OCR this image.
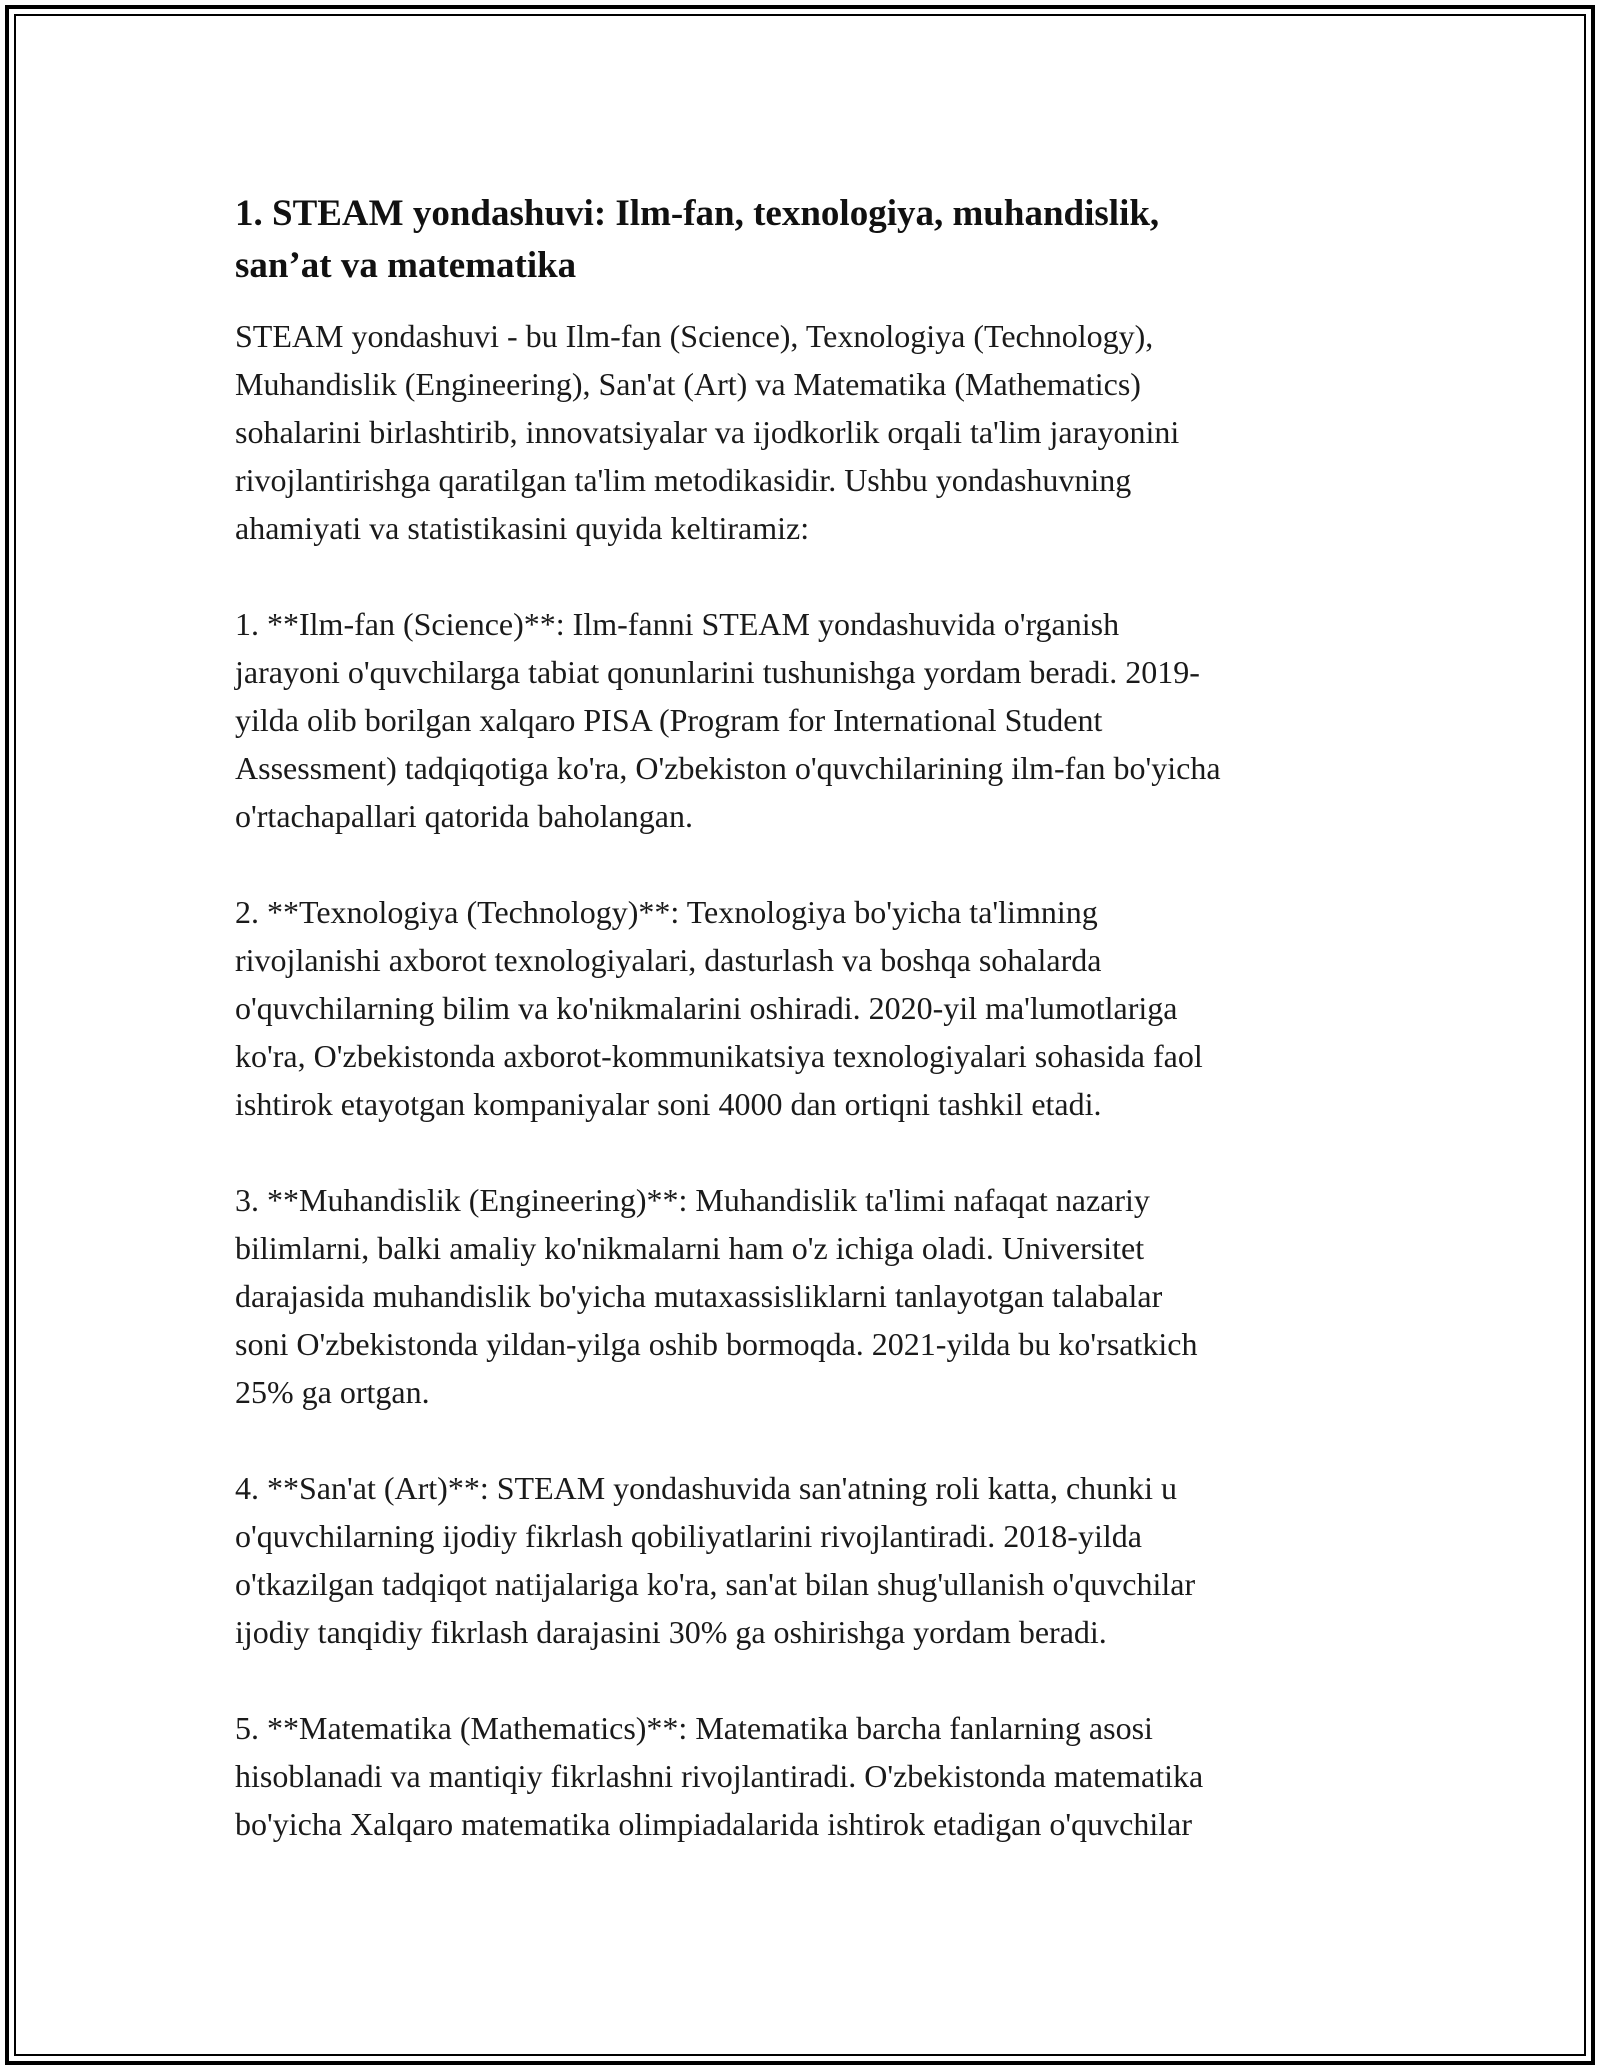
1. STEAM yondashuvi: Ilm-fan, texnologiya, muhandislik,
san’at va matematika

STEAM yondashuvi - bu Ilm-fan (Science), Texnologiya (Technology),
Muhandislik (Engineering), San'at (Art) va Matematika (Mathematics)
sohalarini birlashtirib, innovatsiyalar va ijodkorlik orqali ta'lim jarayonini
rivojlantirishga qaratilgan ta'lim metodikasidir. Ushbu yondashuvning
ahamiyati va statistikasini quyida keltiramiz:

1. **Ilm-fan (Science)**: Ilm-fanni STEAM yondashuvida o'rganish
jarayoni o'quvchilarga tabiat qonunlarini tushunishga yordam beradi. 2019-
yilda olib borilgan xalqaro PISA (Program for International Student
Assessment) tadqiqotiga ko'ra, O'zbekiston o'quvchilarining ilm-fan bo'yicha
o'rtachapallari qatorida baholangan.

2. **Texnologiya (Technology)**: Texnologiya bo'yicha ta'limning
rivojlanishi axborot texnologiyalari, dasturlash va boshqa sohalarda
o'quvchilarning bilim va ko'nikmalarini oshiradi. 2020-yil ma'lumotlariga
ko'ra, O'zbekistonda axborot-kommunikatsiya texnologiyalari sohasida faol
ishtirok etayotgan kompaniyalar soni 4000 dan ortiqni tashkil etadi.

3. **Muhandislik (Engineering)**: Muhandislik ta'limi nafaqat nazariy
bilimlarni, balki amaliy ko'nikmalarni ham o'z ichiga oladi. Universitet
darajasida muhandislik bo'yicha mutaxassisliklarni tanlayotgan talabalar
soni O'zbekistonda yildan-yilga oshib bormoqda. 2021-yilda bu ko'rsatkich
25% ga ortgan.

4. **San'at (Art)**: STEAM yondashuvida san'atning roli katta, chunki u
o'quvchilarning ijodiy fikrlash qobiliyatlarini rivojlantiradi. 2018-yilda
o'tkazilgan tadqiqot natijalariga ko'ra, san'at bilan shug'ullanish o'quvchilar
ijodiy tanqidiy fikrlash darajasini 30% ga oshirishga yordam beradi.

5. **Matematika (Mathematics)**: Matematika barcha fanlarning asosi
hisoblanadi va mantiqiy fikrlashni rivojlantiradi. O'zbekistonda matematika
bo'yicha Xalqaro matematika olimpiadalarida ishtirok etadigan o'quvchilar
